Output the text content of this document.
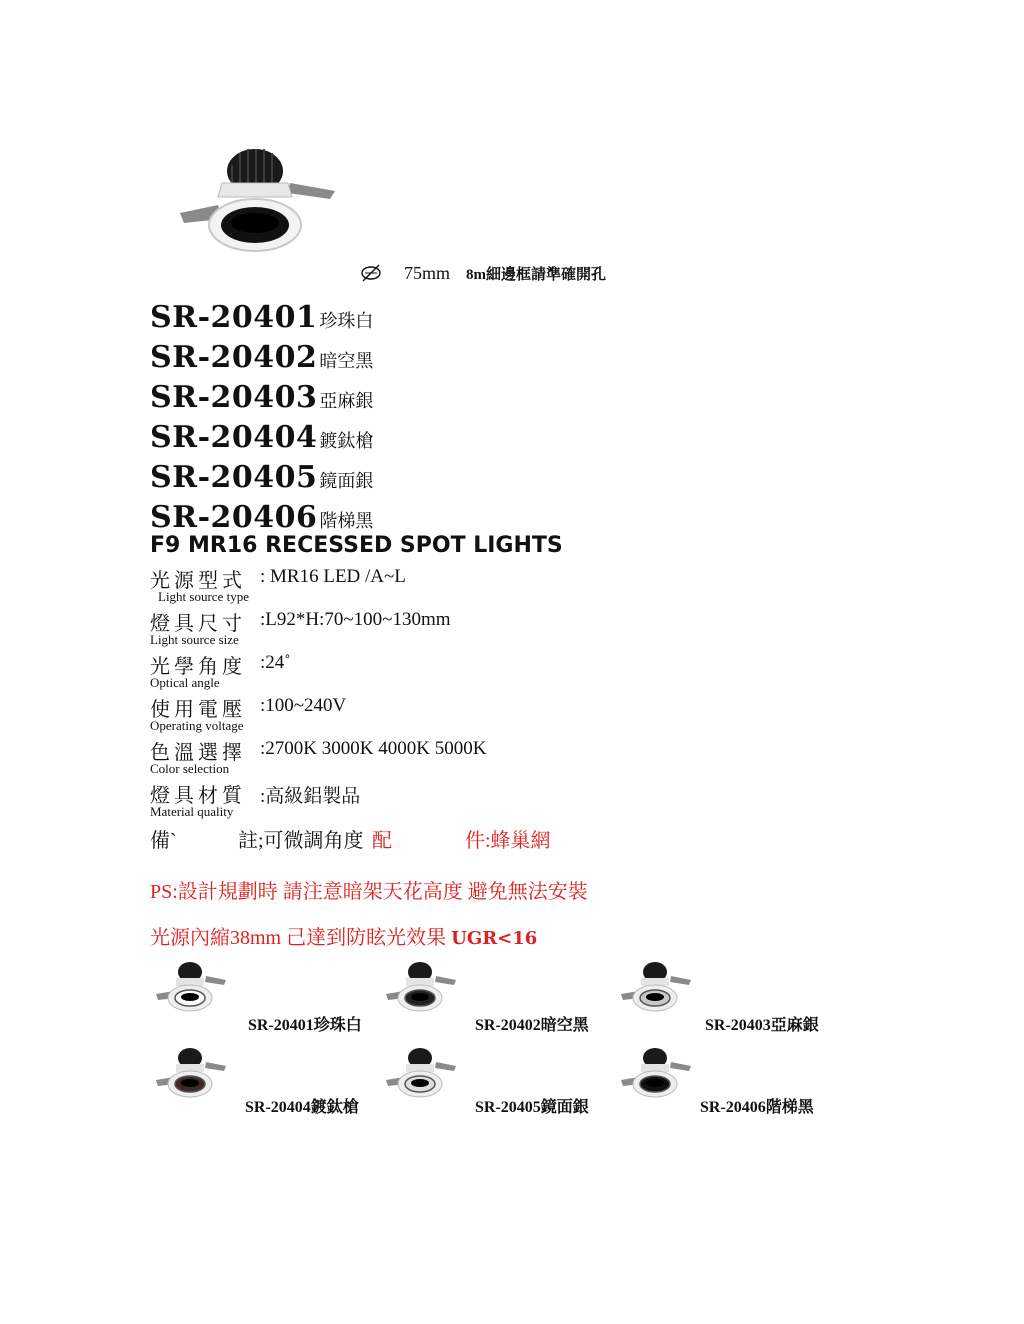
75mm 8m細邊框請準確開孔
SR-20401 珍珠白
SR-20402 暗空黑
SR-20403 亞麻銀
SR-20404 鍍鈦槍
SR-20405 鏡面銀
SR-20406 階梯黑
F9 MR16 RECESSED SPOT LIGHTS
光源型式 : MR16 LED /A~L
Light source type
燈具尺寸 :L92*H:70~100~130mm
Light source size
光學角度 :24˚
Optical angle
使用電壓 :100~240V
Operating voltage
色溫選擇 :2700K 3000K 4000K 5000K
Color selection
燈具材質 :高級鋁製品
Material quality
備`	註;可微調角度 配	件:蜂巢網
PS:設計規劃時 請注意暗架天花高度 避免無法安裝
光源內縮38mm 己達到防眩光效果 UGR<16
SR-20401珍珠白	SR-20402暗空黑	SR-20403亞麻銀
SR-20404鍍鈦槍	SR-20405鏡面銀	SR-20406階梯黑
